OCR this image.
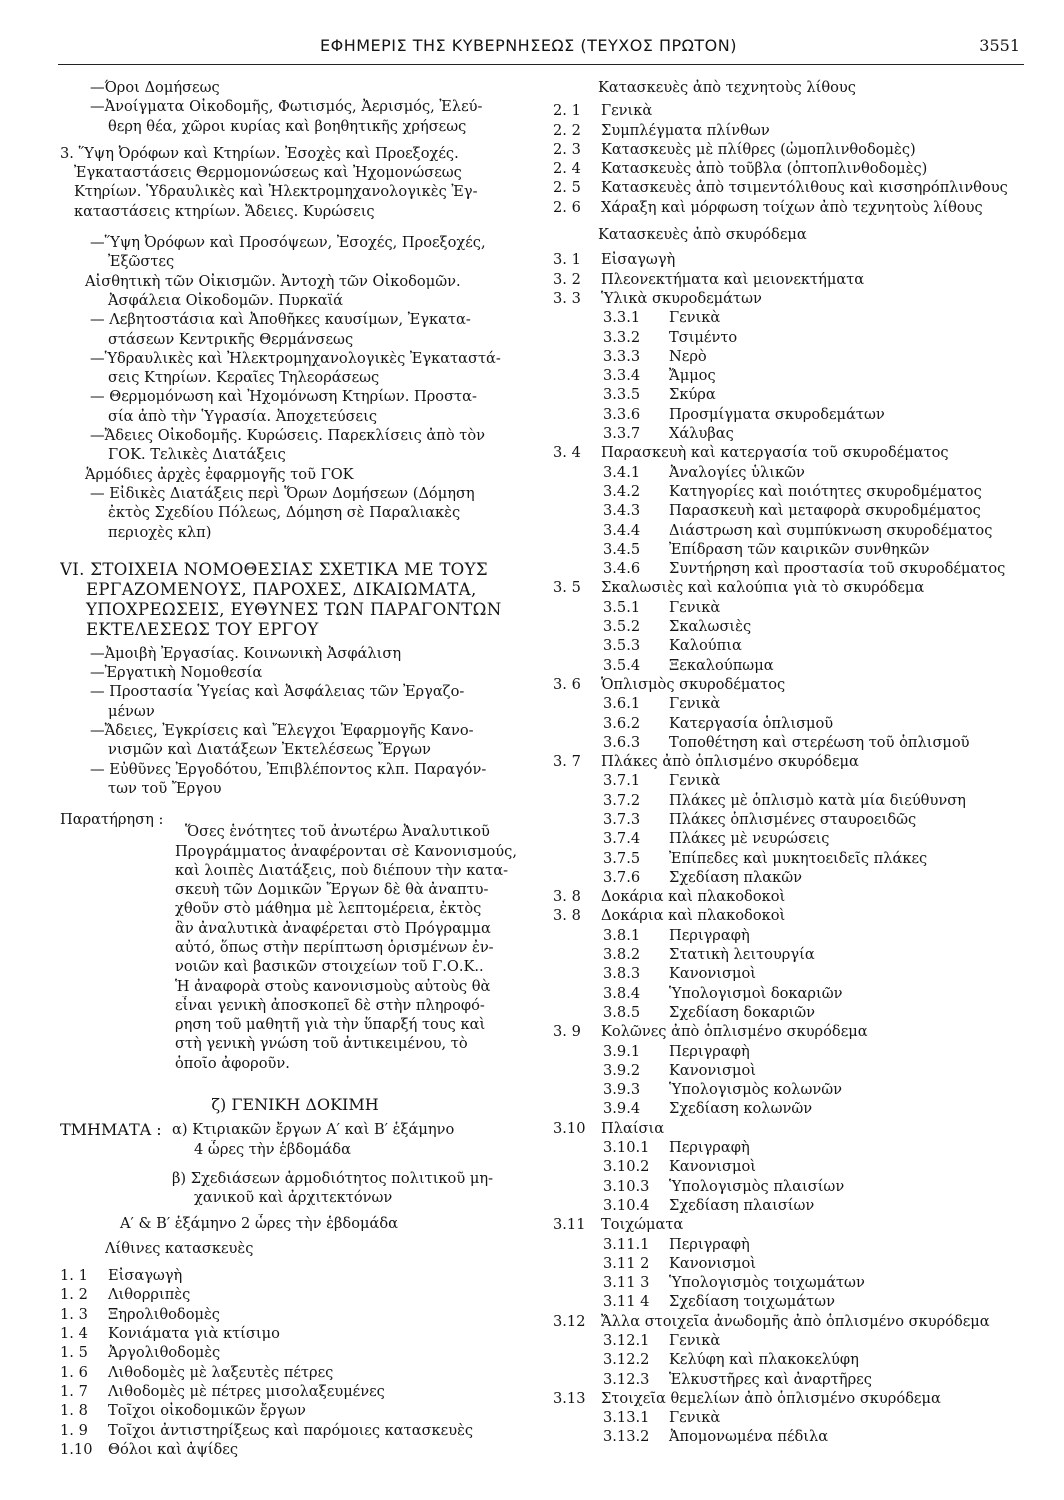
ΕΦΗΜΕΡΙΣ ΤΗΣ ΚΥΒΕΡΝΗΣΕΩΣ (ΤΕΥΧΟΣ ΠΡΩΤΟΝ)	3551
—Όροι Δομήσεως
—Ἀνοίγματα Οἰκοδομῆς, Φωτισμός, Ἀερισμός, Ἐλεύ-
θερη θέα, χῶροι κυρίας καὶ βοηθητικῆς χρήσεως
3. Ὕψη Ὀρόφων καὶ Κτηρίων. Ἐσοχὲς καὶ Προεξοχές.
Ἐγκαταστάσεις Θερμομονώσεως καὶ Ἠχομονώσεως
Κτηρίων. Ὑδραυλικὲς καὶ Ἠλεκτρομηχανολογικὲς Ἐγ-
καταστάσεις κτηρίων. Ἄδειες. Κυρώσεις
—Ὕψη Ὀρόφων καὶ Προσόψεων, Ἐσοχές, Προεξοχές,
Ἐξῶστες
Αἰσθητικὴ τῶν Οἰκισμῶν. Ἀντοχὴ τῶν Οἰκοδομῶν.
Ἀσφάλεια Οἰκοδομῶν. Πυρκαϊά
— Λεβητοστάσια καὶ Ἀποθῆκες καυσίμων, Ἐγκατα-
στάσεων Κεντρικῆς Θερμάνσεως
—Ὑδραυλικὲς καὶ Ἠλεκτρομηχανολογικὲς Ἐγκαταστά-
σεις Κτηρίων. Κεραῖες Τηλεοράσεως
— Θερμομόνωση καὶ Ἠχομόνωση Κτηρίων. Προστα-
σία ἀπὸ τὴν Ὑγρασία. Ἀποχετεύσεις
—Ἄδειες Οἰκοδομῆς. Κυρώσεις. Παρεκλίσεις ἀπὸ τὸν
ΓΟΚ. Τελικὲς Διατάξεις
Ἁρμόδιες ἀρχὲς ἐφαρμογῆς τοῦ ΓΟΚ
— Εἰδικὲς Διατάξεις περὶ Ὅρων Δομήσεων (Δόμηση
ἐκτὸς Σχεδίου Πόλεως, Δόμηση σὲ Παραλιακὲς
περιοχὲς κλπ)
VI. ΣΤΟΙΧΕΙΑ ΝΟΜΟΘΕΣΙΑΣ ΣΧΕΤΙΚΑ ΜΕ ΤΟΥΣ
ΕΡΓΑΖΟΜΕΝΟΥΣ, ΠΑΡΟΧΕΣ, ΔΙΚΑΙΩΜΑΤΑ,
ΥΠΟΧΡΕΩΣΕΙΣ, ΕΥΘΥΝΕΣ ΤΩΝ ΠΑΡΑΓΟΝΤΩΝ
ΕΚΤΕΛΕΣΕΩΣ ΤΟΥ ΕΡΓΟΥ
—Ἀμοιβὴ Ἐργασίας. Κοινωνικὴ Ἀσφάλιση
—Ἐργατικὴ Νομοθεσία
— Προστασία Ὑγείας καὶ Ἀσφάλειας τῶν Ἐργαζο-
μένων
—Ἄδειες, Ἐγκρίσεις καὶ Ἔλεγχοι Ἐφαρμογῆς Κανο-
νισμῶν καὶ Διατάξεων Ἐκτελέσεως Ἔργων
— Εὐθῦνες Ἐργοδότου, Ἐπιβλέποντος κλπ. Παραγόν-
των τοῦ Ἔργου
Παρατήρηση :
Ὅσες ἑνότητες τοῦ ἀνωτέρω Ἀναλυτικοῦ
Προγράμματος ἀναφέρονται σὲ Κανονισμούς,
καὶ λοιπὲς Διατάξεις, ποὺ διέπουν τὴν κατα-
σκευὴ τῶν Δομικῶν Ἔργων δὲ θὰ ἀναπτυ-
χθοῦν στὸ μάθημα μὲ λεπτομέρεια, ἐκτὸς
ἂν ἀναλυτικὰ ἀναφέρεται στὸ Πρόγραμμα
αὐτό, ὅπως στὴν περίπτωση ὁρισμένων ἐν-
νοιῶν καὶ βασικῶν στοιχείων τοῦ Γ.Ο.Κ..
Ἡ ἀναφορὰ στοὺς κανονισμοὺς αὐτοὺς θὰ
εἶναι γενικὴ ἀποσκοπεῖ δὲ στὴν πληροφό-
ρηση τοῦ μαθητῆ γιὰ τὴν ὕπαρξή τους καὶ
στὴ γενικὴ γνώση τοῦ ἀντικειμένου, τὸ
ὁποῖο ἀφοροῦν.
ζ) ΓΕΝΙΚΗ ΔΟΚΙΜΗ
ΤΜΗΜΑΤΑ : α) Κτιριακῶν ἔργων Α′ καὶ Β′ ἑξάμηνο
4 ὧρες τὴν ἑβδομάδα
β) Σχεδιάσεων ἁρμοδιότητος πολιτικοῦ μη-
χανικοῦ καὶ ἀρχιτεκτόνων
Α′ & Β′ ἑξάμηνο 2 ὧρες τὴν ἑβδομάδα
Λίθινες κατασκευὲς
1. 1 Εἰσαγωγὴ
1. 2 Λιθορριπὲς
1. 3 Ξηρολιθοδομὲς
1. 4 Κονιάματα γιὰ κτίσιμο
1. 5 Ἀργολιθοδομὲς
1. 6 Λιθοδομὲς μὲ λαξευτὲς πέτρες
1. 7 Λιθοδομὲς μὲ πέτρες μισολαξευμένες
1. 8 Τοῖχοι οἰκοδομικῶν ἔργων
1. 9 Τοῖχοι ἀντιστηρίξεως καὶ παρόμοιες κατασκευὲς
1.10 Θόλοι καὶ ἀψίδες
Κατασκευὲς ἀπὸ τεχνητοὺς λίθους
2. 1 Γενικὰ
2. 2 Συμπλέγματα πλίνθων
2. 3 Κατασκευὲς μὲ πλίθρες (ὠμοπλινθοδομὲς)
2. 4 Κατασκευὲς ἀπὸ τοῦβλα (ὀπτοπλινθοδομὲς)
2. 5 Κατασκευὲς ἀπὸ τσιμεντόλιθους καὶ κισσηρόπλινθους
2. 6 Χάραξη καὶ μόρφωση τοίχων ἀπὸ τεχνητοὺς λίθους
Κατασκευὲς ἀπὸ σκυρόδεμα
3. 1 Εἰσαγωγὴ
3. 2 Πλεονεκτήματα καὶ μειονεκτήματα
3. 3 Ὑλικὰ σκυροδεμάτων
3.3.1 Γενικὰ
3.3.2 Τσιμέντο
3.3.3 Νερὸ
3.3.4 Ἄμμος
3.3.5 Σκύρα
3.3.6 Προσμίγματα σκυροδεμάτων
3.3.7 Χάλυβας
3. 4 Παρασκευὴ καὶ κατεργασία τοῦ σκυροδέματος
3.4.1 Ἀναλογίες ὑλικῶν
3.4.2 Κατηγορίες καὶ ποιότητες σκυροδμέματος
3.4.3 Παρασκευὴ καὶ μεταφορὰ σκυροδμέματος
3.4.4 Διάστρωση καὶ συμπύκνωση σκυροδέματος
3.4.5 Ἐπίδραση τῶν καιρικῶν συνθηκῶν
3.4.6 Συντήρηση καὶ προστασία τοῦ σκυροδέματος
3. 5 Σκαλωσιὲς καὶ καλούπια γιὰ τὸ σκυρόδεμα
3.5.1 Γενικὰ
3.5.2 Σκαλωσιὲς
3.5.3 Καλούπια
3.5.4 Ξεκαλούπωμα
3. 6 Ὁπλισμὸς σκυροδέματος
3.6.1 Γενικὰ
3.6.2 Κατεργασία ὁπλισμοῦ
3.6.3 Τοποθέτηση καὶ στερέωση τοῦ ὁπλισμοῦ
3. 7 Πλάκες ἀπὸ ὁπλισμένο σκυρόδεμα
3.7.1 Γενικὰ
3.7.2 Πλάκες μὲ ὁπλισμὸ κατὰ μία διεύθυνση
3.7.3 Πλάκες ὁπλισμένες σταυροειδῶς
3.7.4 Πλάκες μὲ νευρώσεις
3.7.5 Ἐπίπεδες καὶ μυκητοειδεῖς πλάκες
3.7.6 Σχεδίαση πλακῶν
3. 8 Δοκάρια καὶ πλακοδοκοὶ
3. 8 Δοκάρια καὶ πλακοδοκοὶ
3.8.1 Περιγραφὴ
3.8.2 Στατικὴ λειτουργία
3.8.3 Κανονισμοὶ
3.8.4 Ὑπολογισμοὶ δοκαριῶν
3.8.5 Σχεδίαση δοκαριῶν
3. 9 Κολῶνες ἀπὸ ὁπλισμένο σκυρόδεμα
3.9.1 Περιγραφὴ
3.9.2 Κανονισμοὶ
3.9.3 Ὑπολογισμὸς κολωνῶν
3.9.4 Σχεδίαση κολωνῶν
3.10 Πλαίσια
3.10.1 Περιγραφὴ
3.10.2 Κανονισμοὶ
3.10.3 Ὑπολογισμὸς πλαισίων
3.10.4 Σχεδίαση πλαισίων
3.11 Τοιχώματα
3.11.1 Περιγραφὴ
3.11 2 Κανονισμοὶ
3.11 3 Ὑπολογισμὸς τοιχωμάτων
3.11 4 Σχεδίαση τοιχωμάτων
3.12 Ἄλλα στοιχεῖα ἀνωδομῆς ἀπὸ ὁπλισμένο σκυρόδεμα
3.12.1 Γενικὰ
3.12.2 Κελύφη καὶ πλακοκελύφη
3.12.3 Ἑλκυστῆρες καὶ ἀναρτῆρες
3.13 Στοιχεῖα θεμελίων ἀπὸ ὁπλισμένο σκυρόδεμα
3.13.1 Γενικὰ
3.13.2 Ἀπομονωμένα πέδιλα
